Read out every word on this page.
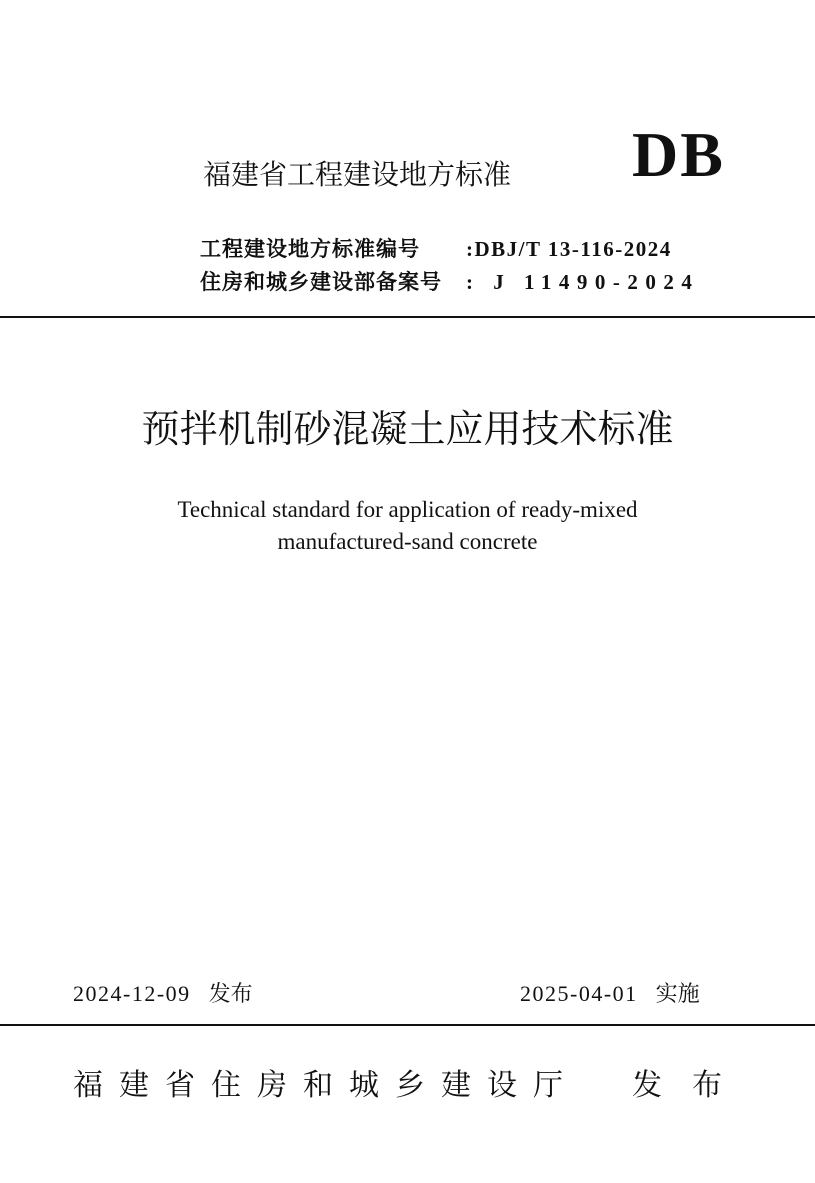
福建省工程建设地方标准 DB
工程建设地方标准编号 :DBJ/T 13-116-2024
住房和城乡建设部备案号 : J 11490-2024
预拌机制砂混凝土应用技术标准
Technical standard for application of ready-mixed
manufactured-sand concrete
2024-12-09 发布	2025-04-01 实施
福建省住房和城乡建设厅 发布
